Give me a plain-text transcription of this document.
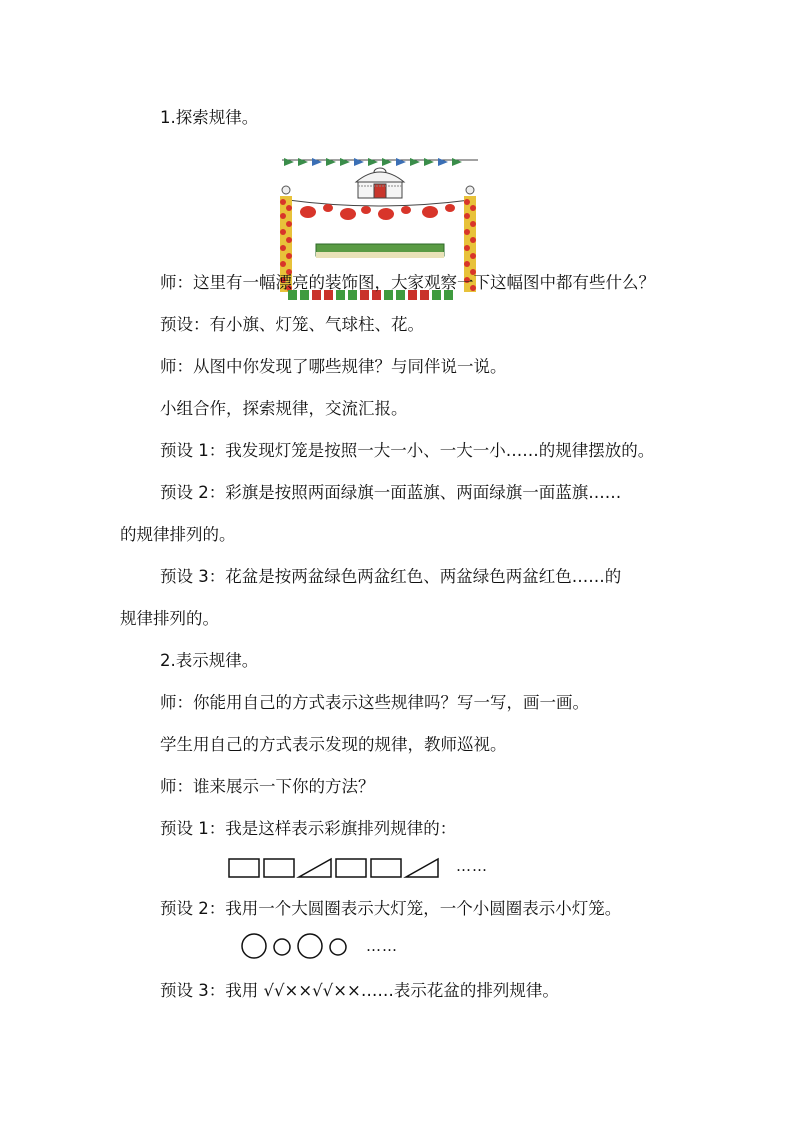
1.探索规律。
师：这里有一幅漂亮的装饰图，大家观察一下这幅图中都有些什么？
预设：有小旗、灯笼、气球柱、花。
师：从图中你发现了哪些规律？与同伴说一说。
小组合作，探索规律，交流汇报。
预设 1：我发现灯笼是按照一大一小、一大一小……的规律摆放的。
预设 2：彩旗是按照两面绿旗一面蓝旗、两面绿旗一面蓝旗……
的规律排列的。
预设 3：花盆是按两盆绿色两盆红色、两盆绿色两盆红色……的
规律排列的。
2.表示规律。
师：你能用自己的方式表示这些规律吗？写一写，画一画。
学生用自己的方式表示发现的规律，教师巡视。
师：谁来展示一下你的方法？
预设 1：我是这样表示彩旗排列规律的：
……
预设 2：我用一个大圆圈表示大灯笼，一个小圆圈表示小灯笼。
……
预设 3：我用 √√××√√××……表示花盆的排列规律。
